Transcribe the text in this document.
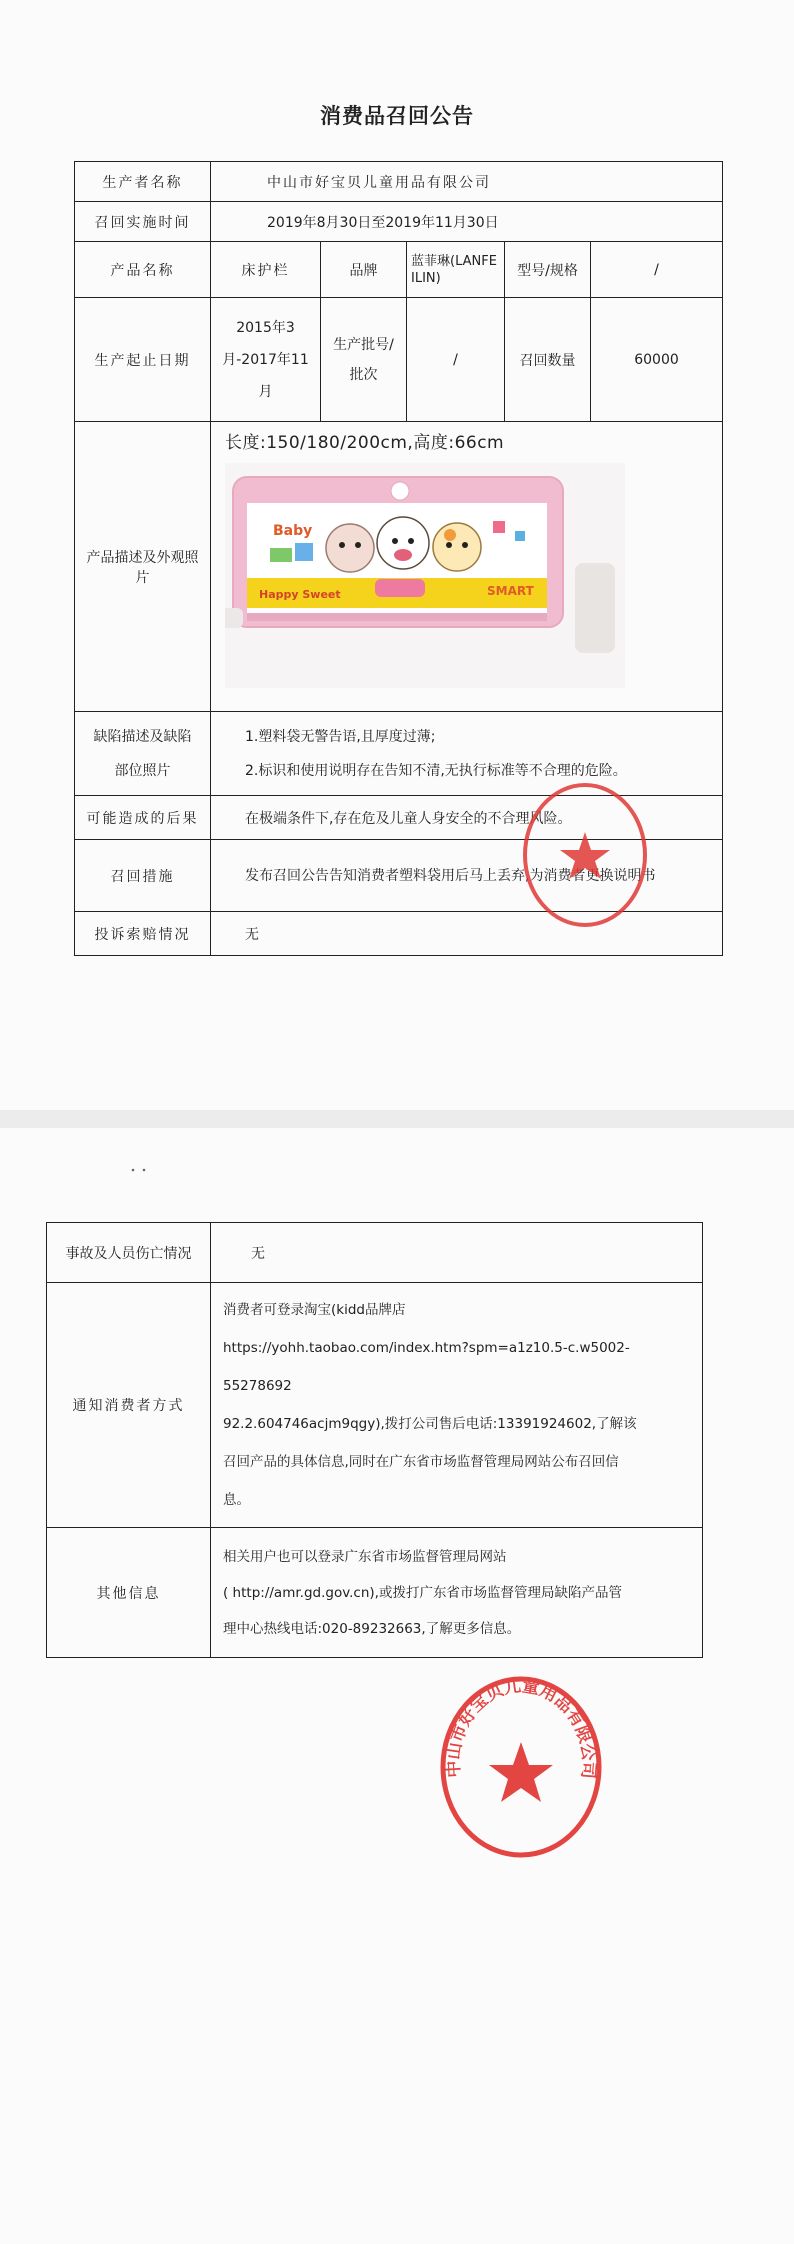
消费品召回公告
生产者名称	中山市好宝贝儿童用品有限公司				
召回实施时间	2019年8月30日至2019年11月30日				
产品名称	床护栏	品牌	蓝菲琳(LANFEILIN)	型号/规格	/
生产起止日期	2015年3月-2017年11月	生产批号/批次	/	召回数量	60000
产品描述及外观照片	长度:150/180/200cm,高度:66cm
Baby
Happy Sweet SMART				

缺陷描述及缺陷部位照片	1.塑料袋无警告语,且厚度过薄;
2.标识和使用说明存在告知不清,无执行标准等不合理的危险。				

可能造成的后果	在极端条件下,存在危及儿童人身安全的不合理风险。				
召回措施	发布召回公告告知消费者塑料袋用后马上丢弃,为消费者更换说明书				
投诉索赔情况	无				
事故及人员伤亡情况	无
通知消费者方式	消费者可登录淘宝(kidd品牌店
https://yohh.taobao.com/index.htm?spm=a1z10.5-c.w5002-55278692
92.2.604746acjm9qgy),拨打公司售后电话:13391924602,了解该
召回产品的具体信息,同时在广东省市场监督管理局网站公布召回信
息。

其他信息	相关用户也可以登录广东省市场监督管理局网站
( http://amr.gd.gov.cn),或拨打广东省市场监督管理局缺陷产品管
理中心热线电话:020-89232663,了解更多信息。
中山市好宝贝儿童用品有限公司
